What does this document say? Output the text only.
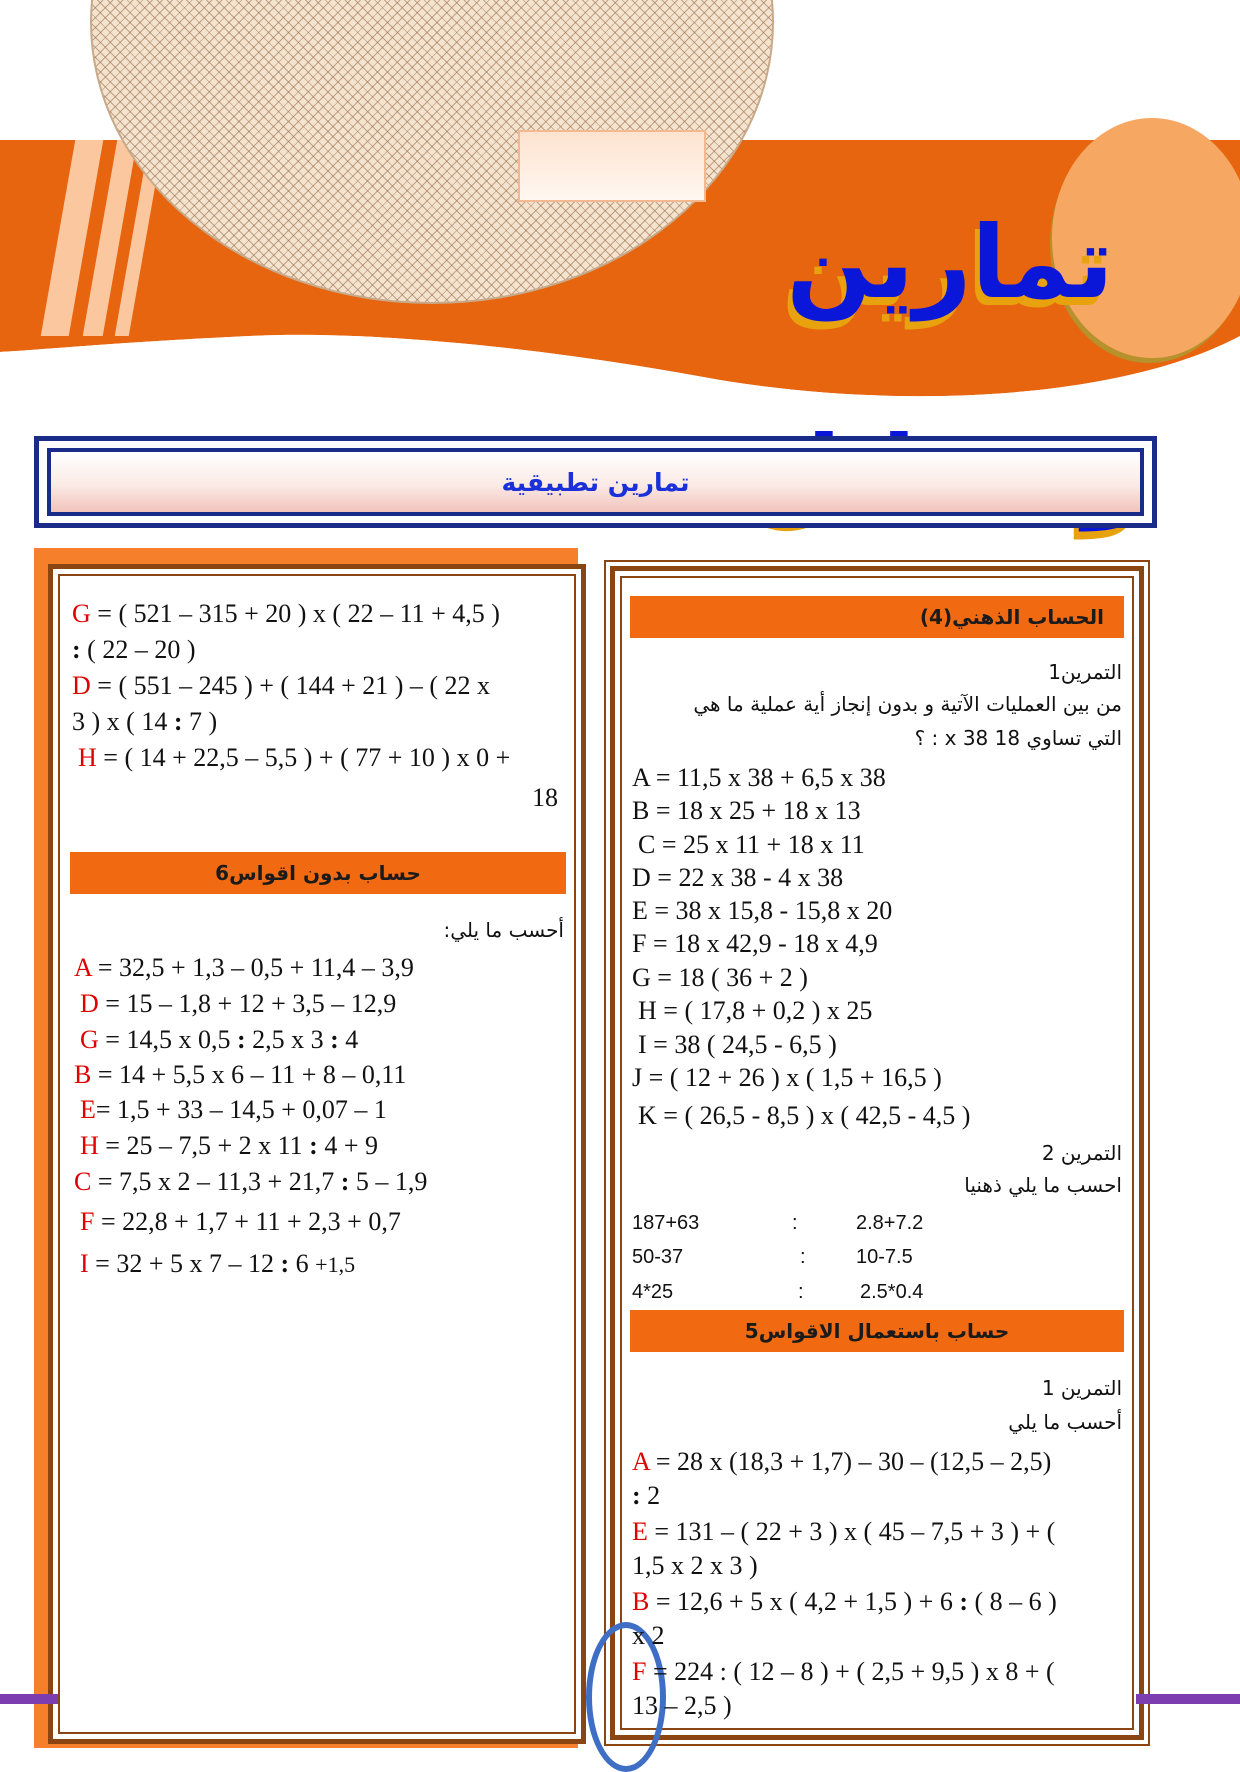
تمارين
تمارين تطبيقية
الحساب الذهني(4)
التمرين1
من بين العمليات الآتية و بدون إنجاز أية عملية ما هي
التي تساوي 18 x 38 : ؟
A = 11,5 x 38 + 6,5 x 38
B = 18 x 25 + 18 x 13
C = 25 x 11 + 18 x 11
D = 22 x 38 - 4 x 38
E = 38 x 15,8 - 15,8 x 20
F = 18 x 42,9 - 18 x 4,9
G = 18 ( 36 + 2 )
H = ( 17,8 + 0,2 ) x 25
I = 38 ( 24,5 - 6,5 )
J = ( 12 + 26 ) x ( 1,5 + 16,5 )
K = ( 26,5 - 8,5 ) x ( 42,5 - 4,5 )
التمرين 2
احسب ما يلي ذهنيا
187+63	:	2.8+7.2
50-37	:	10-7.5
4*25	:	2.5*0.4
حساب باستعمال الاقواس5
التمرين 1
أحسب ما يلي
A = 28 x (18,3 + 1,7) – 30 – (12,5 – 2,5)
: 2
E = 131 – ( 22 + 3 ) x ( 45 – 7,5 + 3 ) + (
1,5 x 2 x 3 )
B = 12,6 + 5 x ( 4,2 + 1,5 ) + 6 : ( 8 – 6 )
x 2
F = 224 : ( 12 – 8 ) + ( 2,5 + 9,5 ) x 8 + (
13 – 2,5 )
G = ( 521 – 315 + 20 ) x ( 22 – 11 + 4,5 )
: ( 22 – 20 )
D = ( 551 – 245 ) + ( 144 + 21 ) – ( 22 x
3 ) x ( 14 : 7 )
H = ( 14 + 22,5 – 5,5 ) + ( 77 + 10 ) x 0 +
18
حساب بدون اقواس6
أحسب ما يلي:
A = 32,5 + 1,3 – 0,5 + 11,4 – 3,9
D = 15 – 1,8 + 12 + 3,5 – 12,9
G = 14,5 x 0,5 : 2,5 x 3 : 4
B = 14 + 5,5 x 6 – 11 + 8 – 0,11
E= 1,5 + 33 – 14,5 + 0,07 – 1
H = 25 – 7,5 + 2 x 11 : 4 + 9
C = 7,5 x 2 – 11,3 + 21,7 : 5 – 1,9
F = 22,8 + 1,7 + 11 + 2,3 + 0,7
I = 32 + 5 x 7 – 12 : 6 +1,5
